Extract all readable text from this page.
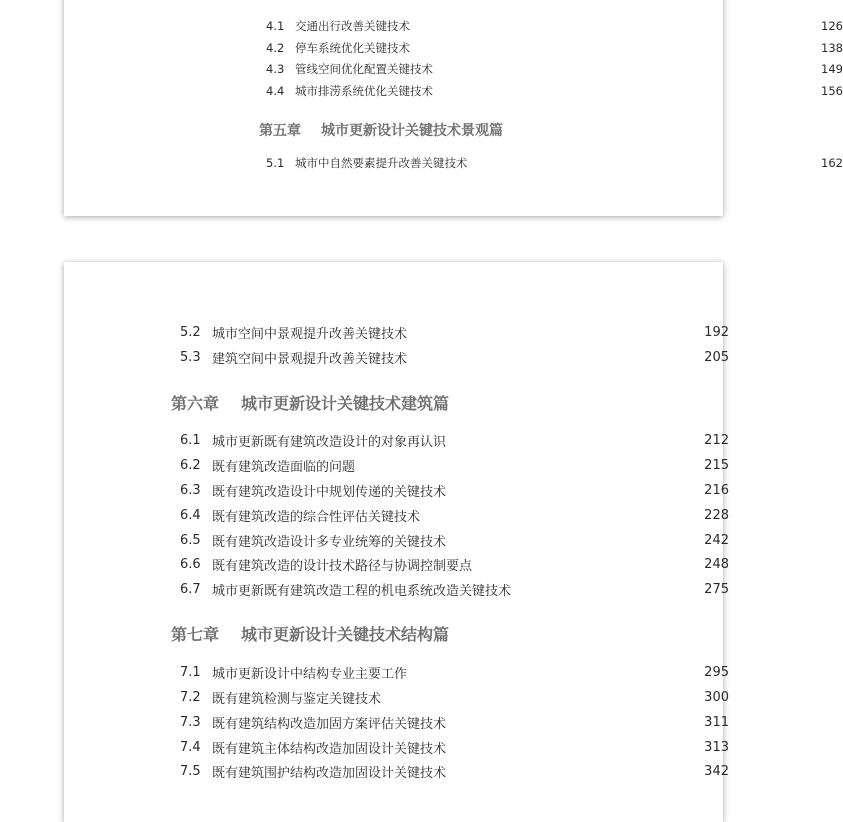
4.1 交通出行改善关键技术	126
4.2 停车系统优化关键技术	138
4.3 管线空间优化配置关键技术	149
4.4 城市排涝系统优化关键技术	156
第五章 城市更新设计关键技术景观篇
5.1 城市中自然要素提升改善关键技术	162
5.2 城市空间中景观提升改善关键技术	192
5.3 建筑空间中景观提升改善关键技术	205
第六章 城市更新设计关键技术建筑篇
6.1 城市更新既有建筑改造设计的对象再认识	212
6.2 既有建筑改造面临的问题	215
6.3 既有建筑改造设计中规划传递的关键技术	216
6.4 既有建筑改造的综合性评估关键技术	228
6.5 既有建筑改造设计多专业统筹的关键技术	242
6.6 既有建筑改造的设计技术路径与协调控制要点	248
6.7 城市更新既有建筑改造工程的机电系统改造关键技术	275
第七章 城市更新设计关键技术结构篇
7.1 城市更新设计中结构专业主要工作	295
7.2 既有建筑检测与鉴定关键技术	300
7.3 既有建筑结构改造加固方案评估关键技术	311
7.4 既有建筑主体结构改造加固设计关键技术	313
7.5 既有建筑围护结构改造加固设计关键技术	342
